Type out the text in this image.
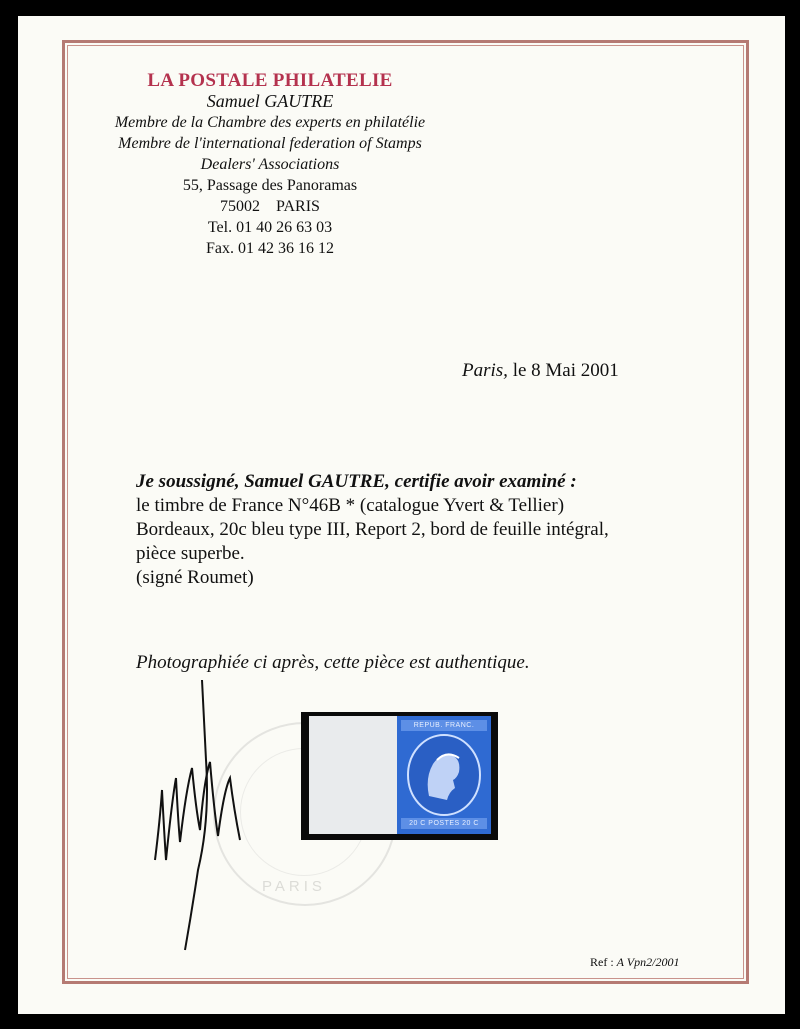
LA POSTALE PHILATELIE
Samuel GAUTRE
Membre de la Chambre des experts en philatélie
Membre de l'international federation of Stamps
Dealers' Associations
55, Passage des Panoramas
75002    PARIS
Tel. 01 40 26 63 03
Fax. 01 42 36 16 12
Paris, le 8 Mai 2001
Je soussigné, Samuel GAUTRE, certifie avoir examiné :
le timbre de France N°46B * (catalogue Yvert & Tellier)
Bordeaux, 20c bleu type III, Report 2, bord de feuille intégral,
pièce superbe.
(signé Roumet)
Photographiée ci après, cette pièce est authentique.
PARIS
REPUB. FRANC.
20 C POSTES 20 C
Ref : A Vpn2/2001
